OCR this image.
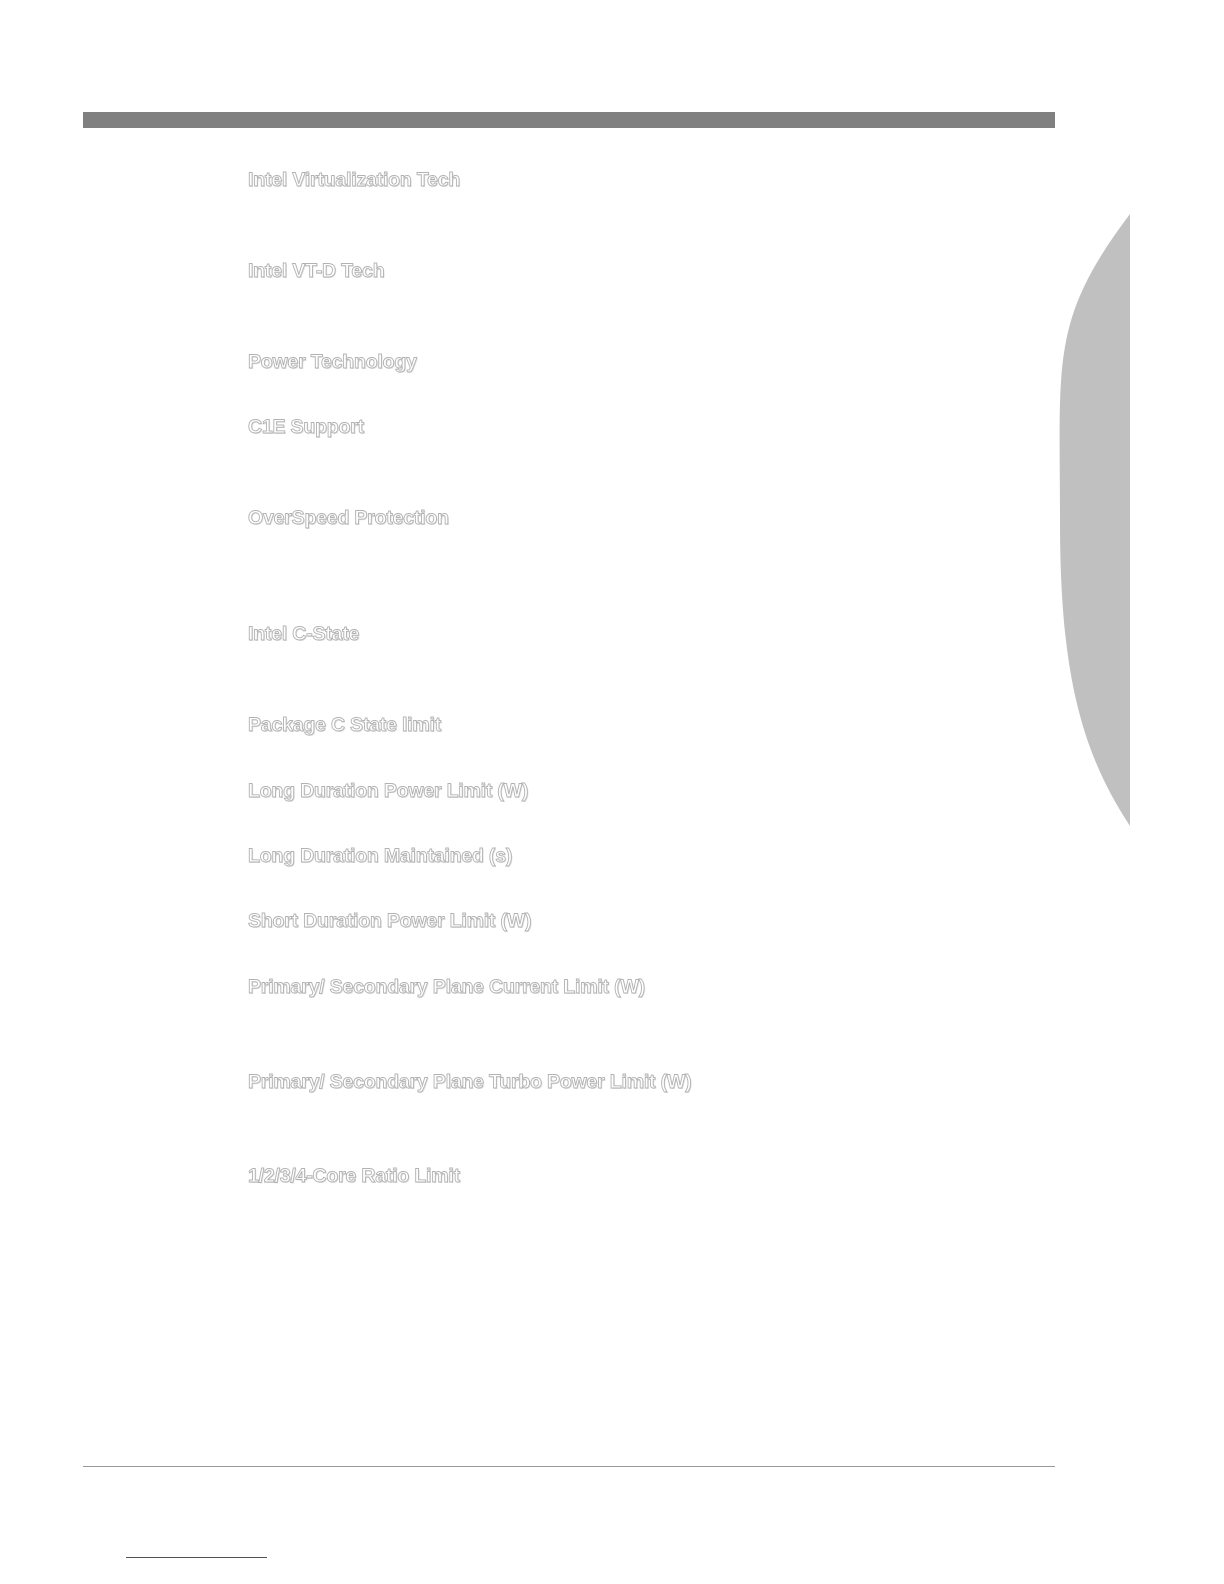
Intel Virtualization Tech
Intel VT-D Tech
Power Technology
C1E Support
OverSpeed Protection
Intel C-State
Package C State limit
Long Duration Power Limit (W)
Long Duration Maintained (s)
Short Duration Power Limit (W)
Primary/ Secondary Plane Current Limit (W)
Primary/ Secondary Plane Turbo Power Limit (W)
1/2/3/4-Core Ratio Limit
